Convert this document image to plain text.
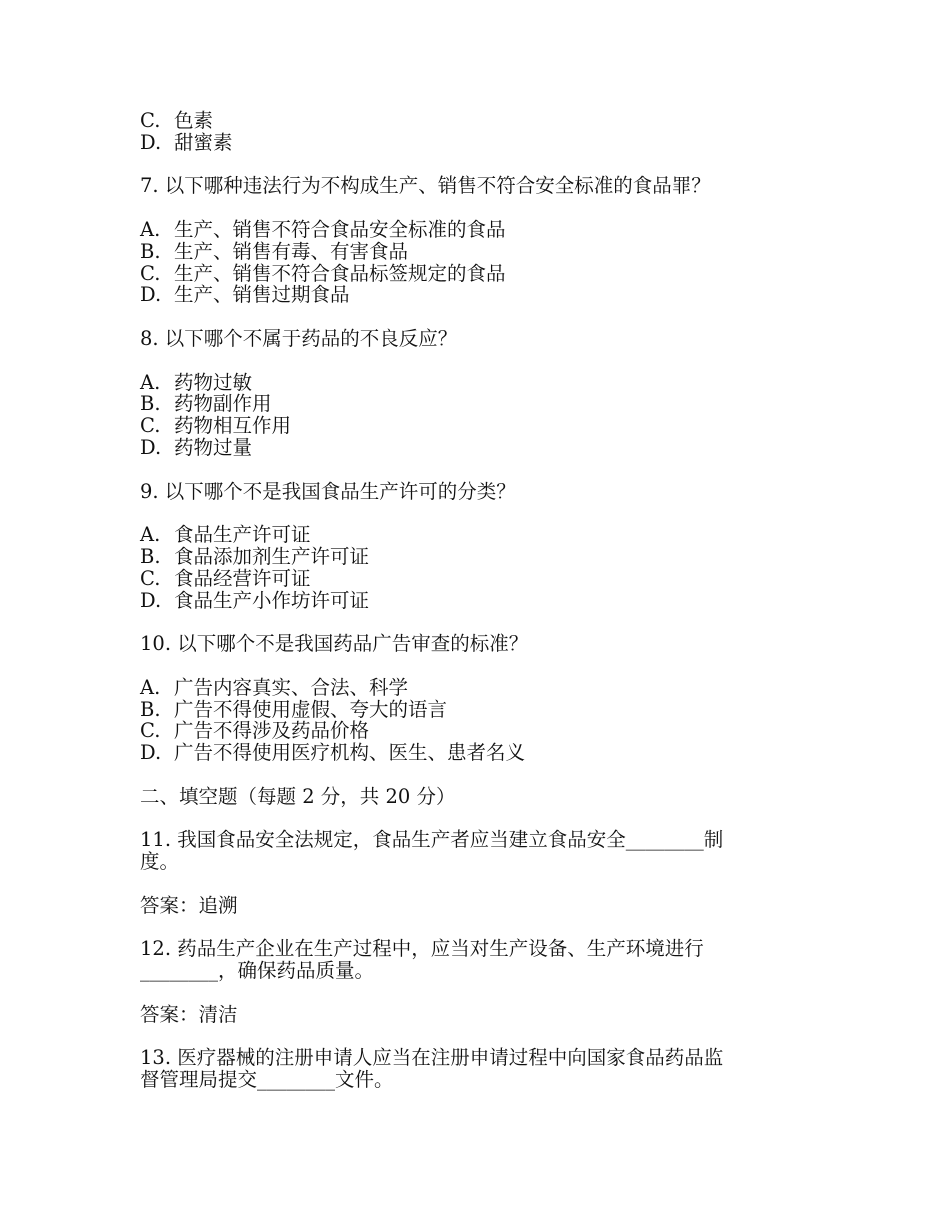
C. 色素
D. 甜蜜素
7. 以下哪种违法行为不构成生产、销售不符合安全标准的食品罪？
A. 生产、销售不符合食品安全标准的食品
B. 生产、销售有毒、有害食品
C. 生产、销售不符合食品标签规定的食品
D. 生产、销售过期食品
8. 以下哪个不属于药品的不良反应？
A. 药物过敏
B. 药物副作用
C. 药物相互作用
D. 药物过量
9. 以下哪个不是我国食品生产许可的分类？
A. 食品生产许可证
B. 食品添加剂生产许可证
C. 食品经营许可证
D. 食品生产小作坊许可证
10. 以下哪个不是我国药品广告审查的标准？
A. 广告内容真实、合法、科学
B. 广告不得使用虚假、夸大的语言
C. 广告不得涉及药品价格
D. 广告不得使用医疗机构、医生、患者名义
二、填空题（每题 2 分，共 20 分）
11. 我国食品安全法规定，食品生产者应当建立食品安全________制
度。
答案：追溯
12. 药品生产企业在生产过程中，应当对生产设备、生产环境进行
________，确保药品质量。
答案：清洁
13. 医疗器械的注册申请人应当在注册申请过程中向国家食品药品监
督管理局提交________文件。
